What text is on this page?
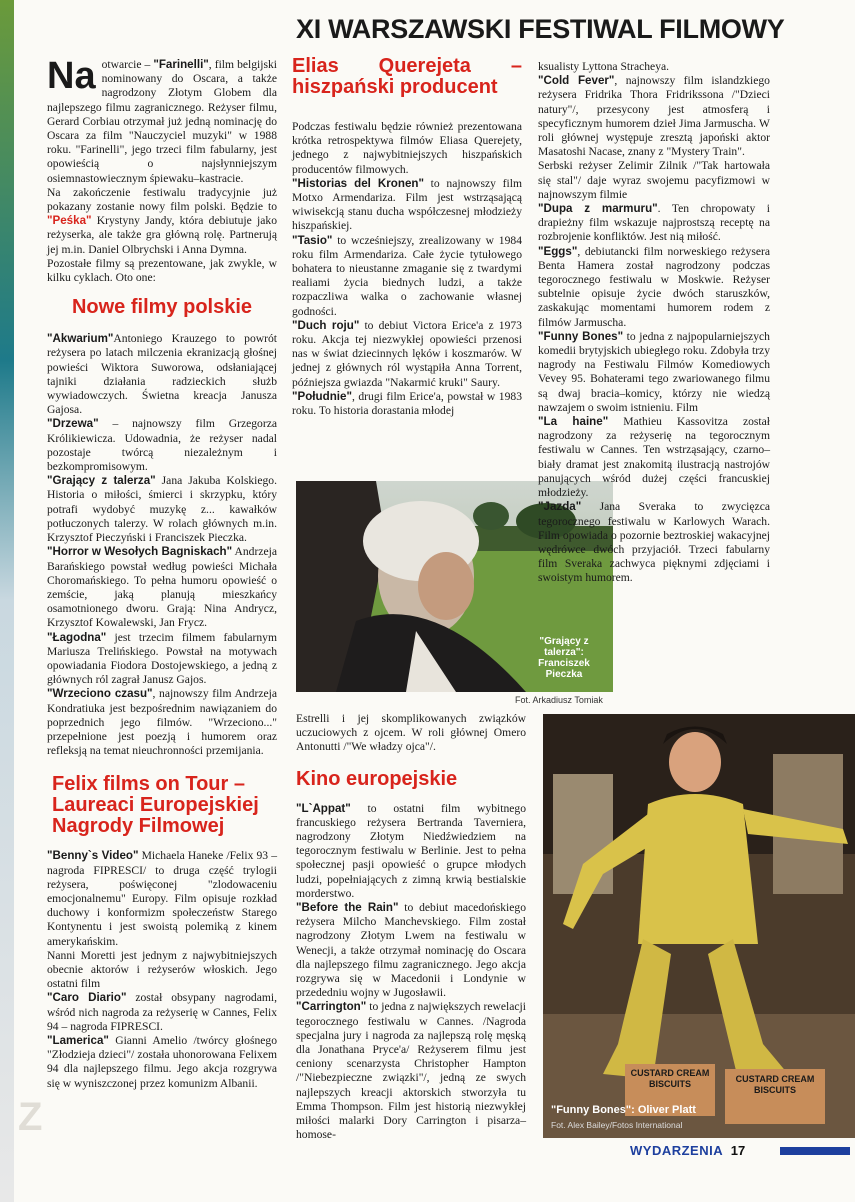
Z
XI WARSZAWSKI FESTIWAL FILMOWY

Na otwarcie – "Farinelli", film belgijski nominowany do Oscara, a także nagrodzony Złotym Globem dla najlepszego filmu zagranicznego. Reżyser filmu, Gerard Corbiau otrzymał już jedną nominację do Oscara za film "Nauczyciel muzyki" w 1988 roku. "Farinelli", jego trzeci film fabularny, jest opowieścią o najsłynniejszym osiemnastowiecznym śpiewaku–kastracie.

Na zakończenie festiwalu tradycyjnie już pokazany zostanie nowy film polski. Będzie to "Peśka" Krystyny Jandy, która debiutuje jako reżyserka, ale także gra główną rolę. Partnerują jej m.in. Daniel Olbrychski i Anna Dymna.

Pozostałe filmy są prezentowane, jak zwykle, w kilku cyklach. Oto one:

Nowe filmy polskie

"Akwarium"Antoniego Krauzego to powrót reżysera po latach milczenia ekranizacją głośnej powieści Wiktora Suworowa, odsłaniającej tajniki działania radzieckich służb wywiadowczych. Świetna kreacja Janusza Gajosa.

"Drzewa" – najnowszy film Grzegorza Królikiewicza. Udowadnia, że reżyser nadal pozostaje twórcą niezależnym i bezkompromisowym.

"Grający z talerza" Jana Jakuba Kolskiego. Historia o miłości, śmierci i skrzypku, który potrafi wydobyć muzykę z... kawałków potłuczonych talerzy. W rolach głównych m.in. Krzysztof Pieczyński i Franciszek Pieczka.

"Horror w Wesołych Bagniskach" Andrzeja Barańskiego powstał według powieści Michała Choromańskiego. To pełna humoru opowieść o zemście, jaką planują mieszkańcy osamotnionego dworu. Grają: Nina Andrycz, Krzysztof Kowalewski, Jan Frycz.

"Łagodna" jest trzecim filmem fabularnym Mariusza Trelińskiego. Powstał na motywach opowiadania Fiodora Dostojewskiego, a jedną z głównych ról zagrał Janusz Gajos.

"Wrzeciono czasu", najnowszy film Andrzeja Kondratiuka jest bezpośrednim nawiązaniem do poprzednich jego filmów. "Wrzeciono..." przepełnione jest poezją i humorem oraz refleksją na temat nieuchronności przemijania.

Felix films on Tour – Laureaci Europejskiej Nagrody Filmowej

"Benny`s Video" Michaela Haneke /Felix 93 – nagroda FIPRESCI/ to druga część trylogii reżysera, poświęconej "zlodowaceniu emocjonalnemu" Europy. Film opisuje rozkład duchowy i konformizm społeczeństw Starego Kontynentu i jest swoistą polemiką z kinem amerykańskim.

Nanni Moretti jest jednym z najwybitniejszych obecnie aktorów i reżyserów włoskich. Jego ostatni film

"Caro Diario" został obsypany nagrodami, wśród nich nagroda za reżyserię w Cannes, Felix 94 – nagroda FIPRESCI.

"Lamerica" Gianni Amelio /twórcy głośnego "Złodzieja dzieci"/ została uhonorowana Felixem 94 dla najlepszego filmu. Jego akcja rozgrywa się w wyniszczonej przez komunizm Albanii.

Elias Querejeta – hiszpański producent

Podczas festiwalu będzie również prezentowana krótka retrospektywa filmów Eliasa Querejety, jednego z najwybitniejszych hiszpańskich producentów filmowych.

"Historias del Kronen" to najnowszy film Motxo Armendariza. Film jest wstrząsającą wiwisekcją stanu ducha współczesnej młodzieży hiszpańskiej.

"Tasio" to wcześniejszy, zrealizowany w 1984 roku film Armendariza. Całe życie tytułowego bohatera to nieustanne zmaganie się z twardymi realiami życia biednych ludzi, a także rozpaczliwa walka o zachowanie własnej godności.

"Duch roju" to debiut Victora Erice'a z 1973 roku. Akcja tej niezwykłej opowieści przenosi nas w świat dziecinnych lęków i koszmarów. W jednej z głównych ról wystąpiła Anna Torrent, późniejsza gwiazda "Nakarmić kruki" Saury.

"Południe", drugi film Erice'a, powstał w 1983 roku. To historia dorastania młodej

"Grający z talerza": Franciszek Pieczka
Fot. Arkadiusz Tomiak

Estrelli i jej skomplikowanych związków uczuciowych z ojcem. W roli głównej Omero Antonutti /"We władzy ojca"/.

Kino europejskie

"L`Appat" to ostatni film wybitnego francuskiego reżysera Bertranda Taverniera, nagrodzony Złotym Niedźwiedziem na tegorocznym festiwalu w Berlinie. Jest to pełna społecznej pasji opowieść o grupce młodych ludzi, popełniających z zimną krwią bestialskie morderstwo.

"Before the Rain" to debiut macedońskiego reżysera Milcho Manchevskiego. Film został nagrodzony Złotym Lwem na festiwalu w Wenecji, a także otrzymał nominację do Oscara dla najlepszego filmu zagranicznego. Jego akcja rozgrywa się w Macedonii i Londynie w przededniu wojny w Jugosławii.

"Carrington" to jedna z największych rewelacji tegorocznego festiwalu w Cannes. /Nagroda specjalna jury i nagroda za najlepszą rolę męską dla Jonathana Pryce'a/ Reżyserem filmu jest ceniony scenarzysta Christopher Hampton /"Niebezpieczne związki"/, jedną ze swych najlepszych kreacji aktorskich stworzyła tu Emma Thompson. Film jest historią niezwykłej miłości malarki Dory Carrington i pisarza–homose-

ksualisty Lyttona Stracheya.

"Cold Fever", najnowszy film islandzkiego reżysera Fridrika Thora Fridrikssona /"Dzieci natury"/, przesycony jest atmosferą i specyficznym humorem dzieł Jima Jarmuscha. W roli głównej występuje zresztą japoński aktor Masatoshi Nacase, znany z "Mystery Train".

Serbski reżyser Zelimir Zilnik /"Tak hartowała się stal"/ daje wyraz swojemu pacyfizmowi w najnowszym filmie

"Dupa z marmuru". Ten chropowaty i drapieżny film wskazuje najprostszą receptę na rozbrojenie konfliktów. Jest nią miłość.

"Eggs", debiutancki film norweskiego reżysera Benta Hamera został nagrodzony podczas tegorocznego festiwalu w Moskwie. Reżyser subtelnie opisuje życie dwóch staruszków, zaskakując momentami humorem rodem z filmów Jarmuscha.

"Funny Bones" to jedna z najpopularniejszych komedii brytyjskich ubiegłego roku. Zdobyła trzy nagrody na Festiwalu Filmów Komediowych Vevey 95. Bohaterami tego zwariowanego filmu są dwaj bracia–komicy, którzy nie wiedzą nawzajem o swoim istnieniu. Film

"La haine" Mathieu Kassovitza został nagrodzony za reżyserię na tegorocznym festiwalu w Cannes. Ten wstrząsający, czarno–biały dramat jest znakomitą ilustracją nastrojów panujących wśród dużej części francuskiej młodzieży.

"Jazda" Jana Sveraka to zwycięzca tegorocznego festiwalu w Karlowych Warach. Film opowiada o pozornie beztroskiej wakacyjnej wędrówce dwóch przyjaciół. Trzeci fabularny film Sveraka zachwyca pięknymi zdjęciami i swoistym humorem.

CUSTARD CREAM BISCUITS	CUSTARD CREAM BISCUITS
"Funny Bones": Oliver Platt
Fot. Alex Bailey/Fotos International
WYDARZENIA 17
